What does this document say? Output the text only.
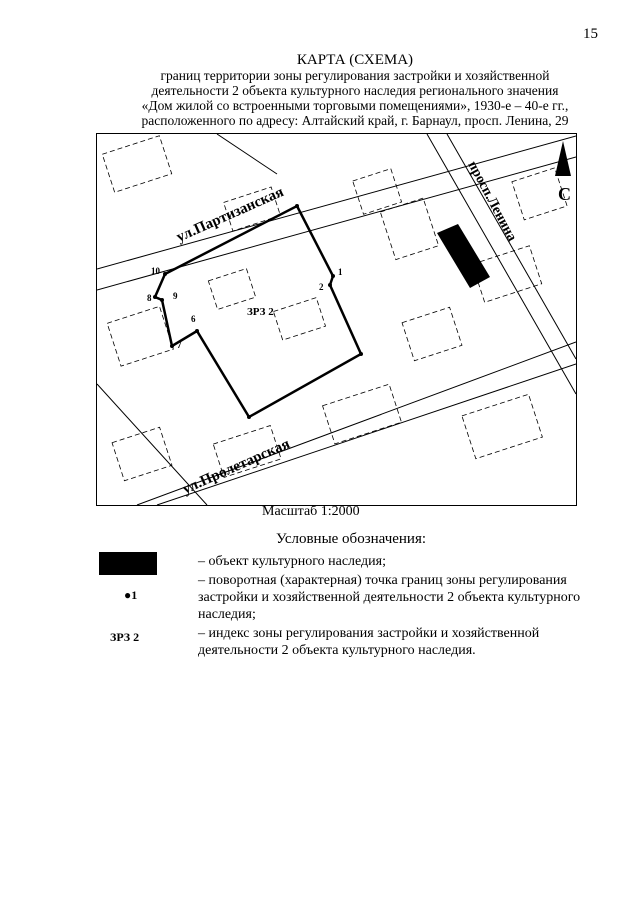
15
КАРТА (СХЕМА)
границ территории зоны регулирования застройки и хозяйственной
деятельности 2 объекта культурного наследия регионального значения
«Дом жилой со встроенными торговыми помещениями», 1930-е – 40-е гг.,
расположенного по адресу: Алтайский край, г. Барнаул, просп. Ленина, 29
С
ул.Партизанская
ул.Пролетарская
просп.Ленина
ЗРЗ 2
1
2
7
6
8 9
10
Масштаб 1:2000
Условные обозначения:
– объект культурного наследия;
●1
– поворотная (характерная) точка границ зоны регулирования застройки и хозяйственной деятельности 2 объекта культурного наследия;
ЗРЗ 2	– индекс зоны регулирования застройки и хозяйственной деятельности 2 объекта культурного наследия.
